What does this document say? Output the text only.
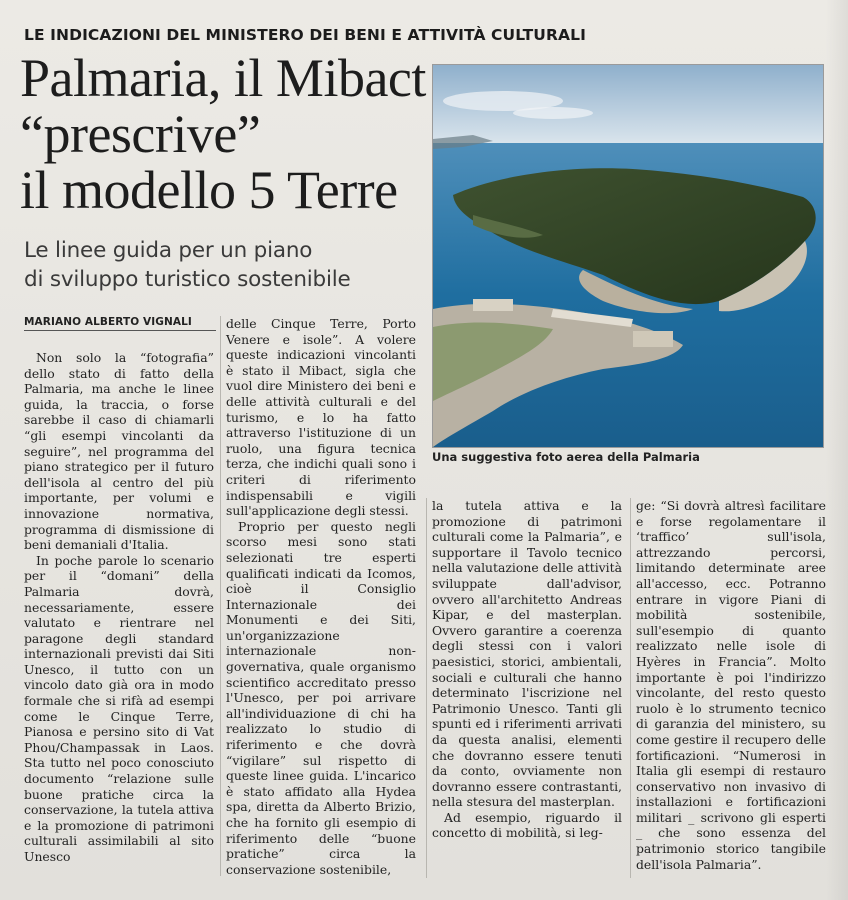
LE INDICAZIONI DEL MINISTERO DEI BENI E ATTIVITÀ CULTURALI
Palmaria, il Mibact
“prescrive”
il modello 5 Terre
Le linee guida per un piano
di sviluppo turistico sostenibile
MARIANO ALBERTO VIGNALI
Una suggestiva foto aerea della Palmaria

Non solo la “fotografia” dello stato di fatto della Palmaria, ma anche le linee guida, la traccia, o forse sarebbe il caso di chiamarli “gli esempi vincolanti da seguire”, nel programma del piano strategico per il futuro dell'isola al centro del più importante, per volumi e innovazione normativa, programma di dismissione di beni demaniali d'Italia.

In poche parole lo scenario per il “domani” della Palmaria dovrà, necessariamente, essere valutato e rientrare nel paragone degli standard internazionali previsti dai Siti Unesco, il tutto con un vincolo dato già ora in modo formale che si rifà ad esempi come le Cinque Terre, Pianosa e persino sito di Vat Phou/Champassak in Laos. Sta tutto nel poco conosciuto documento “relazione sulle buone pratiche circa la conservazione, la tutela attiva e la promozione di patrimoni culturali assimilabili al sito Unesco

delle Cinque Terre, Porto Venere e isole”. A volere queste indicazioni vincolanti è stato il Mibact, sigla che vuol dire Ministero dei beni e delle attività culturali e del turismo, e lo ha fatto attraverso l'istituzione di un ruolo, una figura tecnica terza, che indichi quali sono i criteri di riferimento indispensabili e vigili sull'applicazione degli stessi.

Proprio per questo negli scorso mesi sono stati selezionati tre esperti qualificati indicati da Icomos, cioè il Consiglio Internazionale dei Monumenti e dei Siti, un'organizzazione internazionale non-governativa, quale organismo scientifico accreditato presso l'Unesco, per poi arrivare all'individuazione di chi ha realizzato lo studio di riferimento e che dovrà “vigilare” sul rispetto di queste linee guida. L'incarico è stato affidato alla Hydea spa, diretta da Alberto Brizio, che ha fornito gli esempio di riferimento delle “buone pratiche” circa la conservazione sostenibile,

la tutela attiva e la promozione di patrimoni culturali come la Palmaria”, e supportare il Tavolo tecnico nella valutazione delle attività sviluppate dall'advisor, ovvero all'architetto Andreas Kipar, e del masterplan. Ovvero garantire a coerenza degli stessi con i valori paesistici, storici, ambientali, sociali e culturali che hanno determinato l'iscrizione nel Patrimonio Unesco. Tanti gli spunti ed i riferimenti arrivati da questa analisi, elementi che dovranno essere tenuti da conto, ovviamente non dovranno essere contrastanti, nella stesura del masterplan.

Ad esempio, riguardo il concetto di mobilità, si leg-

ge: “Si dovrà altresì facilitare e forse regolamentare il ‘traffico’ sull'isola, attrezzando percorsi, limitando determinate aree all'accesso, ecc. Potranno entrare in vigore Piani di mobilità sostenibile, sull'esempio di quanto realizzato nelle isole di Hyères in Francia”. Molto importante è poi l'indirizzo vincolante, del resto questo ruolo è lo strumento tecnico di garanzia del ministero, su come gestire il recupero delle fortificazioni. “Numerosi in Italia gli esempi di restauro conservativo non invasivo di installazioni e fortificazioni militari _ scrivono gli esperti _ che sono essenza del patrimonio storico tangibile dell'isola Palmaria”.
